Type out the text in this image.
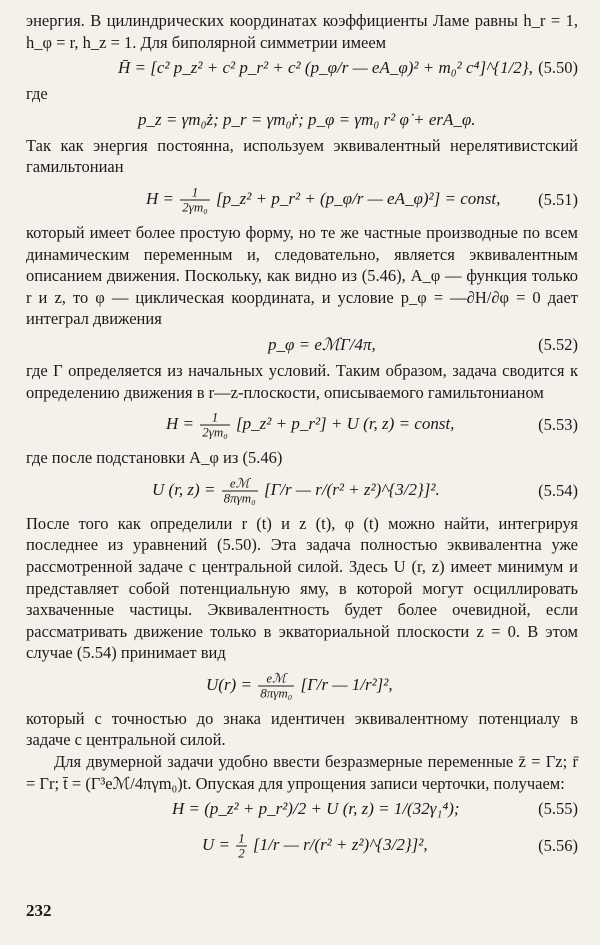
энергия. В цилиндрических координатах коэффициенты Ламе равны h_r = 1, h_φ = r, h_z = 1. Для биполярной симметрии имеем

H̄ = [c² p_z² + c² p_r² + c² (p_φ/r — eA_φ)² + m₀² c⁴]^{1/2}, (5.50)

где

p_z = γm₀ż; p_r = γm₀ṙ; p_φ = γm₀ r² φ̇ + erA_φ.

Так как энергия постоянна, используем эквивалентный нерелятивистский гамильтониан

$H = \frac{1}{\text{2γm₀}}$ [p_z² + p_r² + (p_φ/r — eA_φ)²] = const, (5.51)

который имеет более простую форму, но те же частные производные по всем динамическим переменным и, следовательно, является эквивалентным описанием движения. Поскольку, как видно из (5.46), A_φ — функция только r и z, то φ — циклическая координата, и условие p_φ = —∂H/∂φ = 0 дает интеграл движения

p_φ = eℳΓ/4π,	(5.52)

где Γ определяется из начальных условий. Таким образом, задача сводится к определению движения в r—z-плоскости, описываемого гамильтонианом

$H = \frac{1}{\text{2γm₀}}$ [p_z² + p_r²] + U (r, z) = const,	(5.53)

где после подстановки A_φ из (5.46)

U (r, $z) = \frac{\text{eℳ}}{\text{8πγm₀}} [\Gamma/r$ — r/(r² + z²)^{3/2}]².	(5.54)

После того как определили r (t) и z (t), φ (t) можно найти, интегрируя последнее из уравнений (5.50). Эта задача полностью эквивалентна уже рассмотренной задаче с центральной силой. Здесь U (r, z) имеет минимум и представляет собой потенциальную яму, в которой могут осциллировать захваченные частицы. Эквивалентность будет более очевидной, если рассматривать движение только в экваториальной плоскости z = 0. В этом случае (5.54) принимает вид

$U(r) = \frac{\text{eℳ}}{\text{8πγm₀}} [\Gamma/r$ — 1/r²]²,

который с точностью до знака идентичен эквивалентному потенциалу в задаче с центральной силой.

Для двумерной задачи удобно ввести безразмерные переменные z̄ = Γz; r̄ = Γr; t̄ = (Γ³eℳ/4πγm₀)t. Опуская для упрощения записи черточки, получаем:

H = (p_z² + p_r²)/2 + U (r, z) = 1/(32γ₁⁴);	(5.55)
$U = \frac{1}{2} [1/r$ — r/(r² + z²)^{3/2}]²,	(5.56)
232
